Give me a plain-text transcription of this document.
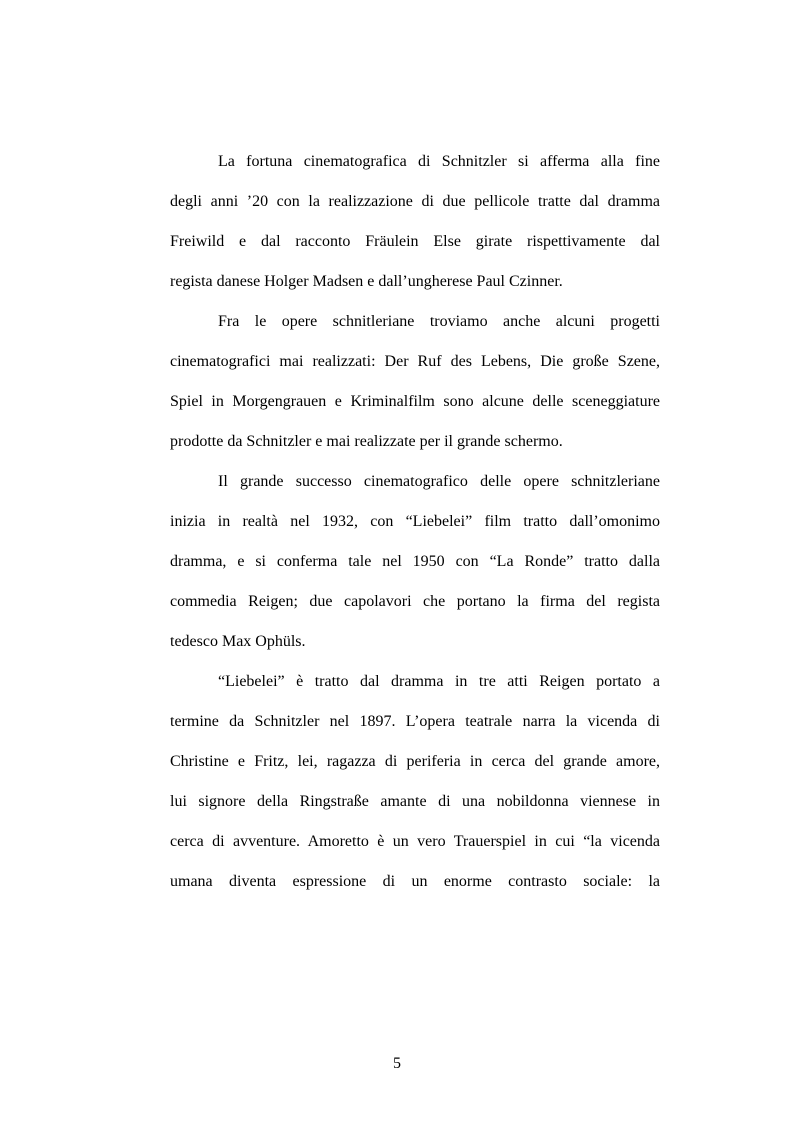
La fortuna cinematografica di Schnitzler si afferma alla fine
degli anni ’20 con la realizzazione di due pellicole tratte dal dramma
Freiwild e dal racconto Fräulein Else girate rispettivamente dal
regista danese Holger Madsen e dall’ungherese Paul Czinner.
Fra le opere schnitleriane troviamo anche alcuni progetti
cinematografici mai realizzati: Der Ruf des Lebens, Die große Szene,
Spiel in Morgengrauen e Kriminalfilm sono alcune delle sceneggiature
prodotte da Schnitzler e mai realizzate per il grande schermo.
Il grande successo cinematografico delle opere schnitzleriane
inizia in realtà nel 1932, con “Liebelei” film tratto dall’omonimo
dramma, e si conferma tale nel 1950 con “La Ronde” tratto dalla
commedia Reigen; due capolavori che portano la firma del regista
tedesco Max Ophüls.
“Liebelei” è tratto dal dramma in tre atti Reigen portato a
termine da Schnitzler nel 1897. L’opera teatrale narra la vicenda di
Christine e Fritz, lei, ragazza di periferia in cerca del grande amore,
lui signore della Ringstraße amante di una nobildonna viennese in
cerca di avventure. Amoretto è un vero Trauerspiel in cui “la vicenda
umana diventa espressione di un enorme contrasto sociale: la
5
